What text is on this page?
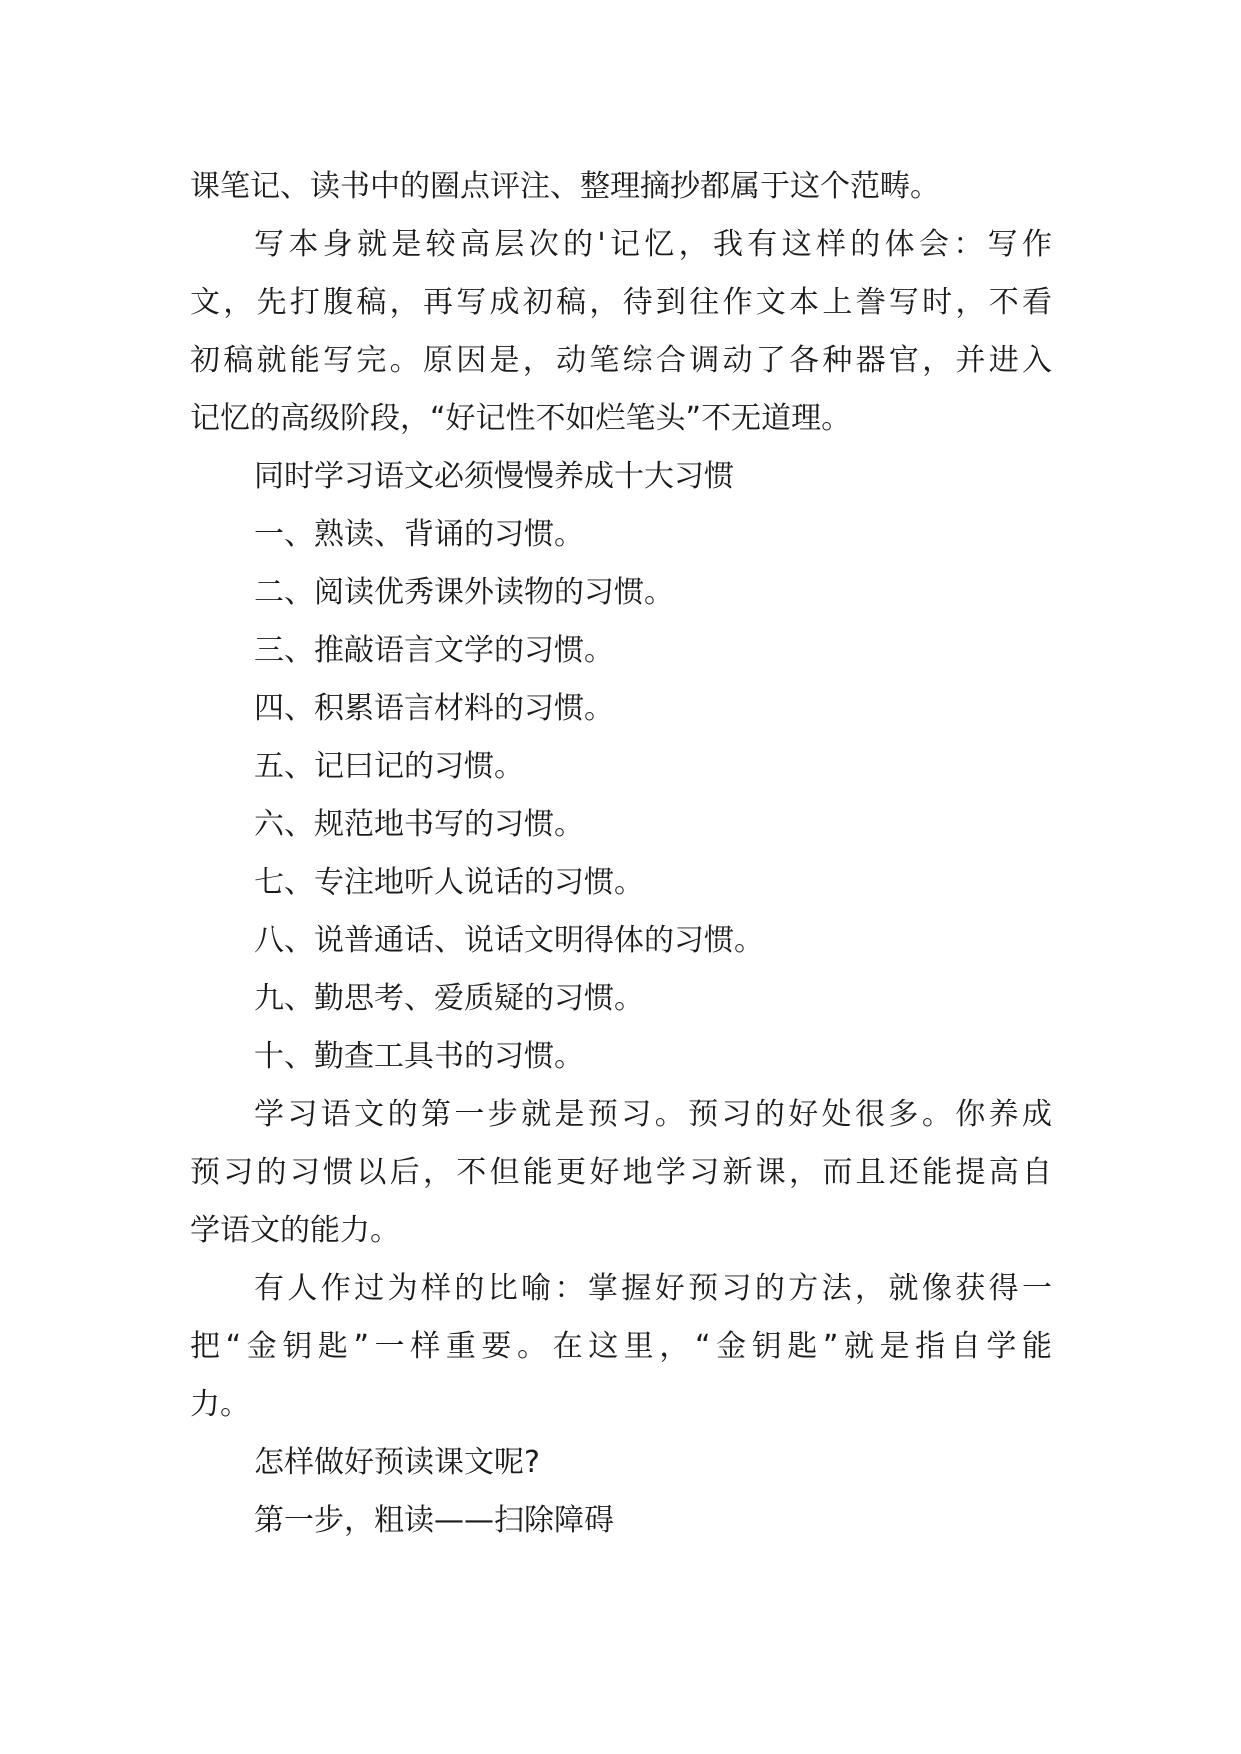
课笔记、读书中的圈点评注、整理摘抄都属于这个范畴。
写本身就是较高层次的'记忆，我有这样的体会：写作
文，先打腹稿，再写成初稿，待到往作文本上誊写时，不看
初稿就能写完。原因是，动笔综合调动了各种器官，并进入
记忆的高级阶段，“好记性不如烂笔头”不无道理。
同时学习语文必须慢慢养成十大习惯
一、熟读、背诵的习惯。
二、阅读优秀课外读物的习惯。
三、推敲语言文学的习惯。
四、积累语言材料的习惯。
五、记曰记的习惯。
六、规范地书写的习惯。
七、专注地听人说话的习惯。
八、说普通话、说话文明得体的习惯。
九、勤思考、爱质疑的习惯。
十、勤查工具书的习惯。
学习语文的第一步就是预习。预习的好处很多。你养成
预习的习惯以后，不但能更好地学习新课，而且还能提高自
学语文的能力。
有人作过为样的比喻：掌握好预习的方法，就像获得一
把“金钥匙”一样重要。在这里，“金钥匙”就是指自学能
力。
怎样做好预读课文呢?
第一步，粗读——扫除障碍
